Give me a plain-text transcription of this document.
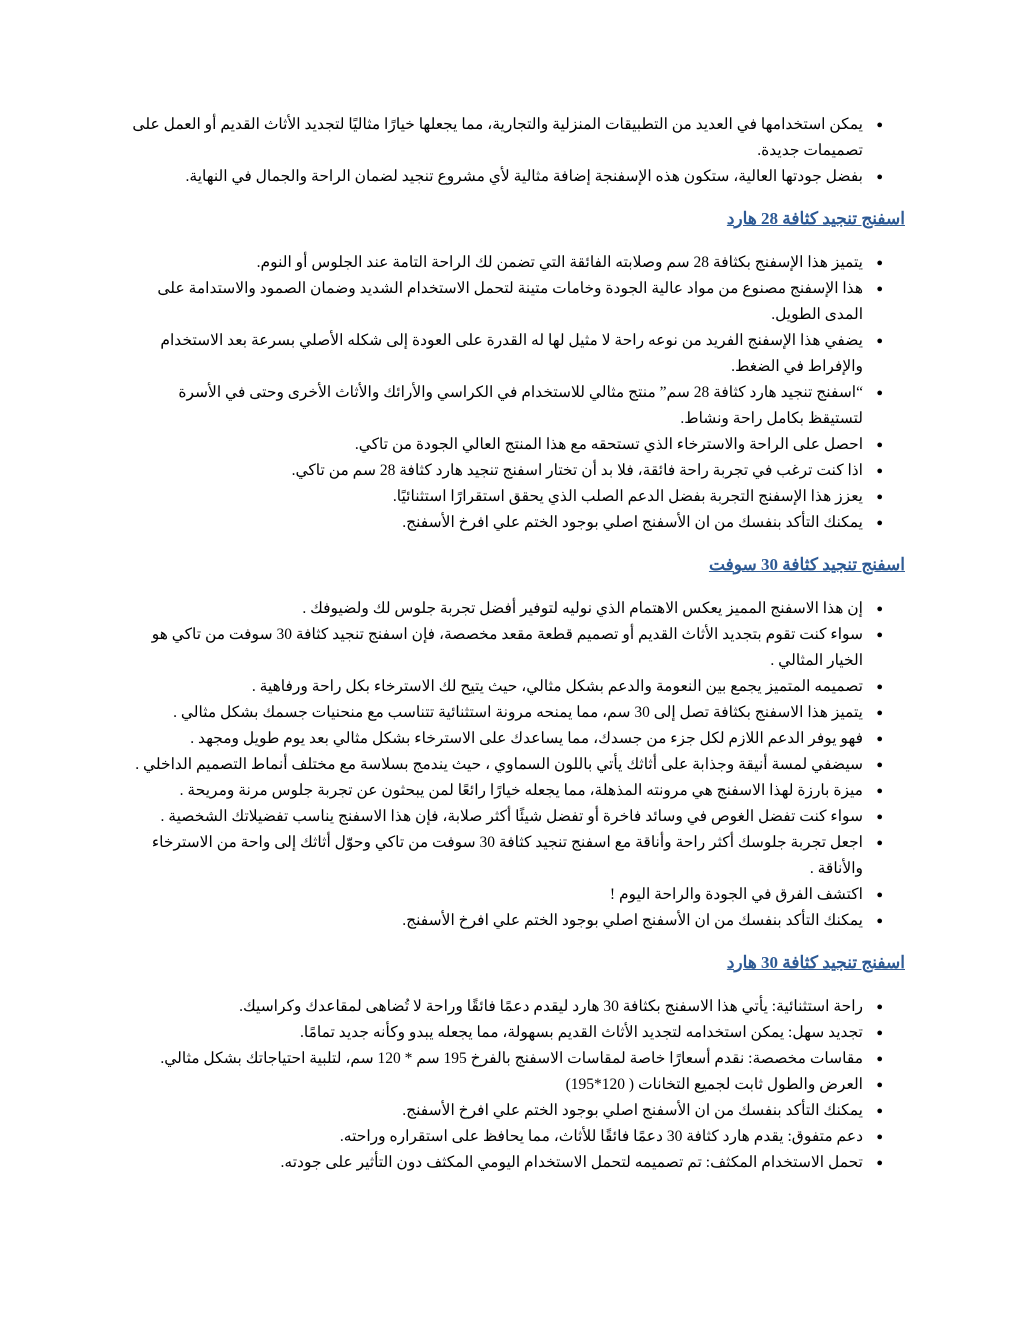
●
يمكن استخدامها في العديد من التطبيقات المنزلية والتجارية، مما يجعلها خيارًا مثاليًا لتجديد الأثاث القديم أو العمل على تصميمات جديدة.
●
بفضل جودتها العالية، ستكون هذه الإسفنجة إضافة مثالية لأي مشروع تنجيد لضمان الراحة والجمال في النهاية.
اسفنج تنجيد كثافة 28 هارد
●
يتميز هذا الإسفنج بكثافة 28 سم وصلابته الفائقة التي تضمن لك الراحة التامة عند الجلوس أو النوم.
●
هذا الإسفنج مصنوع من مواد عالية الجودة وخامات متينة لتحمل الاستخدام الشديد وضمان الصمود والاستدامة على المدى الطويل.
●
يضفي هذا الإسفنج الفريد من نوعه راحة لا مثيل لها له القدرة على العودة إلى شكله الأصلي بسرعة بعد الاستخدام والإفراط في الضغط.
●
“اسفنج تنجيد هارد كثافة 28 سم” منتج مثالي للاستخدام في الكراسي والأرائك والأثاث الأخرى وحتى في الأسرة لتستيقظ بكامل راحة ونشاط.
●
احصل على الراحة والاسترخاء الذي تستحقه مع هذا المنتج العالي الجودة من تاكي.
●
اذا كنت ترغب في تجربة راحة فائقة، فلا بد أن تختار اسفنج تنجيد هارد كثافة 28 سم من تاكي.
●
يعزز هذا الإسفنج التجربة بفضل الدعم الصلب الذي يحقق استقرارًا استثنائيًا.
●
يمكنك التأكد بنفسك من ان الأسفنج اصلي بوجود الختم علي افرخ الأسفنج.
اسفنج تنجيد كثافة 30 سوفت
●
إن هذا الاسفنج المميز يعكس الاهتمام الذي نوليه لتوفير أفضل تجربة جلوس لك ولضيوفك .
●
سواء كنت تقوم بتجديد الأثاث القديم أو تصميم قطعة مقعد مخصصة، فإن اسفنج تنجيد كثافة 30 سوفت من تاكي هو الخيار المثالي .
●
تصميمه المتميز يجمع بين النعومة والدعم بشكل مثالي، حيث يتيح لك الاسترخاء بكل راحة ورفاهية .
●
يتميز هذا الاسفنج بكثافة تصل إلى 30 سم، مما يمنحه مرونة استثنائية تتناسب مع منحنيات جسمك بشكل مثالي .
●
فهو يوفر الدعم اللازم لكل جزء من جسدك، مما يساعدك على الاسترخاء بشكل مثالي بعد يوم طويل ومجهد .
●
سيضفي لمسة أنيقة وجذابة على أثاثك يأتي باللون السماوي ، حيث يندمج بسلاسة مع مختلف أنماط التصميم الداخلي .
●
ميزة بارزة لهذا الاسفنج هي مرونته المذهلة، مما يجعله خيارًا رائعًا لمن يبحثون عن تجربة جلوس مرنة ومريحة .
●
سواء كنت تفضل الغوص في وسائد فاخرة أو تفضل شيئًا أكثر صلابة، فإن هذا الاسفنج يناسب تفضيلاتك الشخصية .
●
اجعل تجربة جلوسك أكثر راحة وأناقة مع اسفنج تنجيد كثافة 30 سوفت من تاكي وحوّل أثاثك إلى واحة من الاسترخاء والأناقة .
●
اكتشف الفرق في الجودة والراحة اليوم !
●
يمكنك التأكد بنفسك من ان الأسفنج اصلي بوجود الختم علي افرخ الأسفنج.
اسفنج تنجيد كثافة 30 هارد
●
راحة استثنائية: يأتي هذا الاسفنج بكثافة 30 هارد ليقدم دعمًا فائقًا وراحة لا تُضاهى لمقاعدك وكراسيك.
●
تجديد سهل: يمكن استخدامه لتجديد الأثاث القديم بسهولة، مما يجعله يبدو وكأنه جديد تمامًا.
●
مقاسات مخصصة: نقدم أسعارًا خاصة لمقاسات الاسفنج بالفرخ 195 سم * 120 سم، لتلبية احتياجاتك بشكل مثالي.
●
العرض والطول ثابت لجميع التخانات ( 120*195)
●
يمكنك التأكد بنفسك من ان الأسفنج اصلي بوجود الختم علي افرخ الأسفنج.
●
دعم متفوق: يقدم هارد كثافة 30 دعمًا فائقًا للأثاث، مما يحافظ على استقراره وراحته.
●
تحمل الاستخدام المكثف: تم تصميمه لتحمل الاستخدام اليومي المكثف دون التأثير على جودته.
